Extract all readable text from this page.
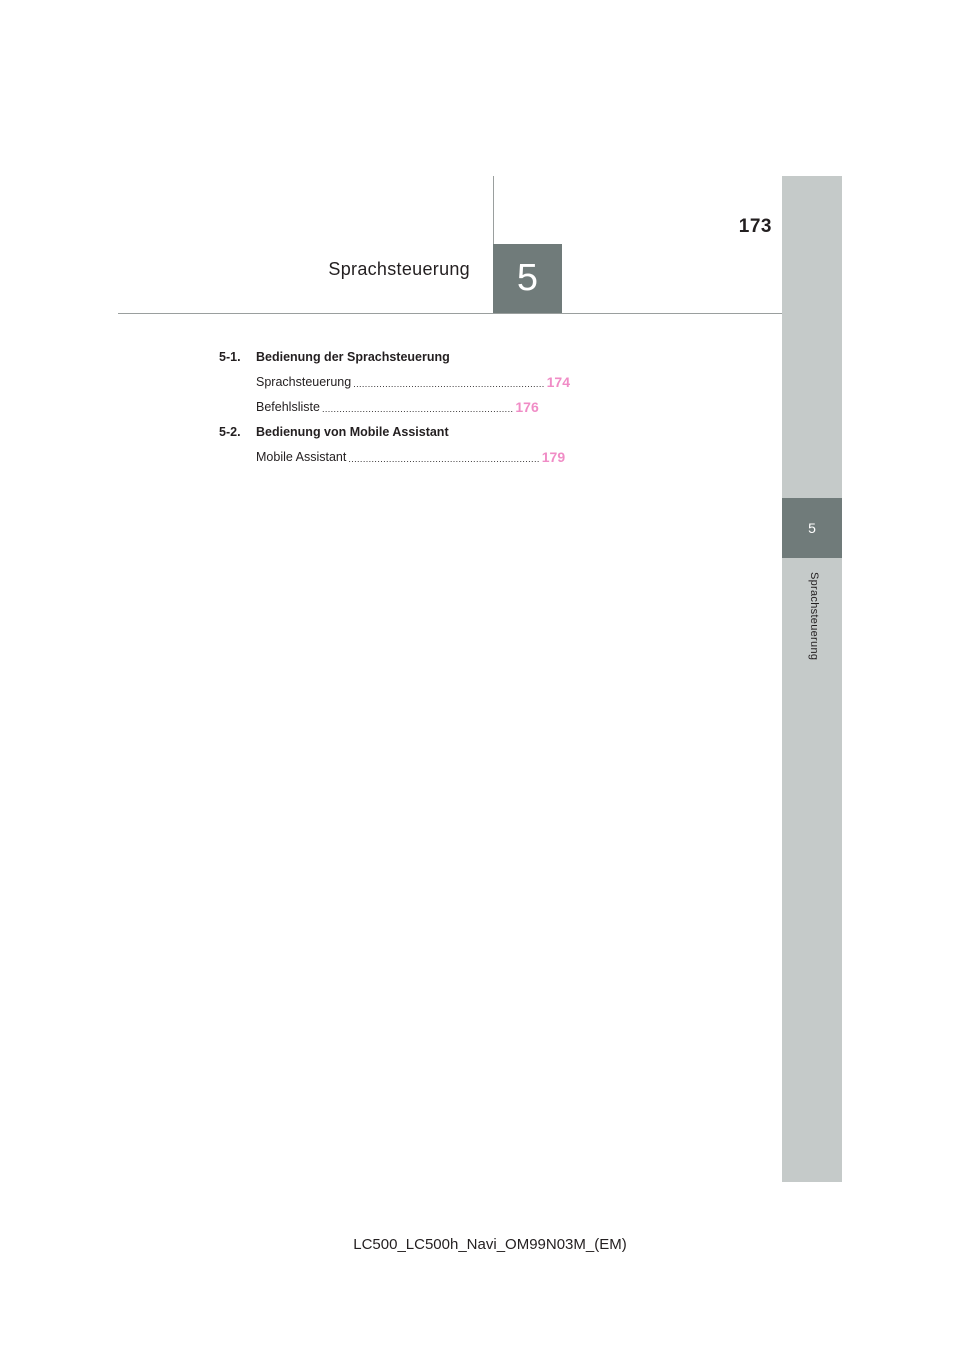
5
Sprachsteuerung
173
Sprachsteuerung	5
5-1.	Bedienung der Sprachsteuerung
Sprachsteuerung .................................................................. 174
Befehlsliste .................................................................. 176
5-2.	Bedienung von Mobile Assistant
Mobile Assistant .................................................................. 179
LC500_LC500h_Navi_OM99N03M_(EM)
